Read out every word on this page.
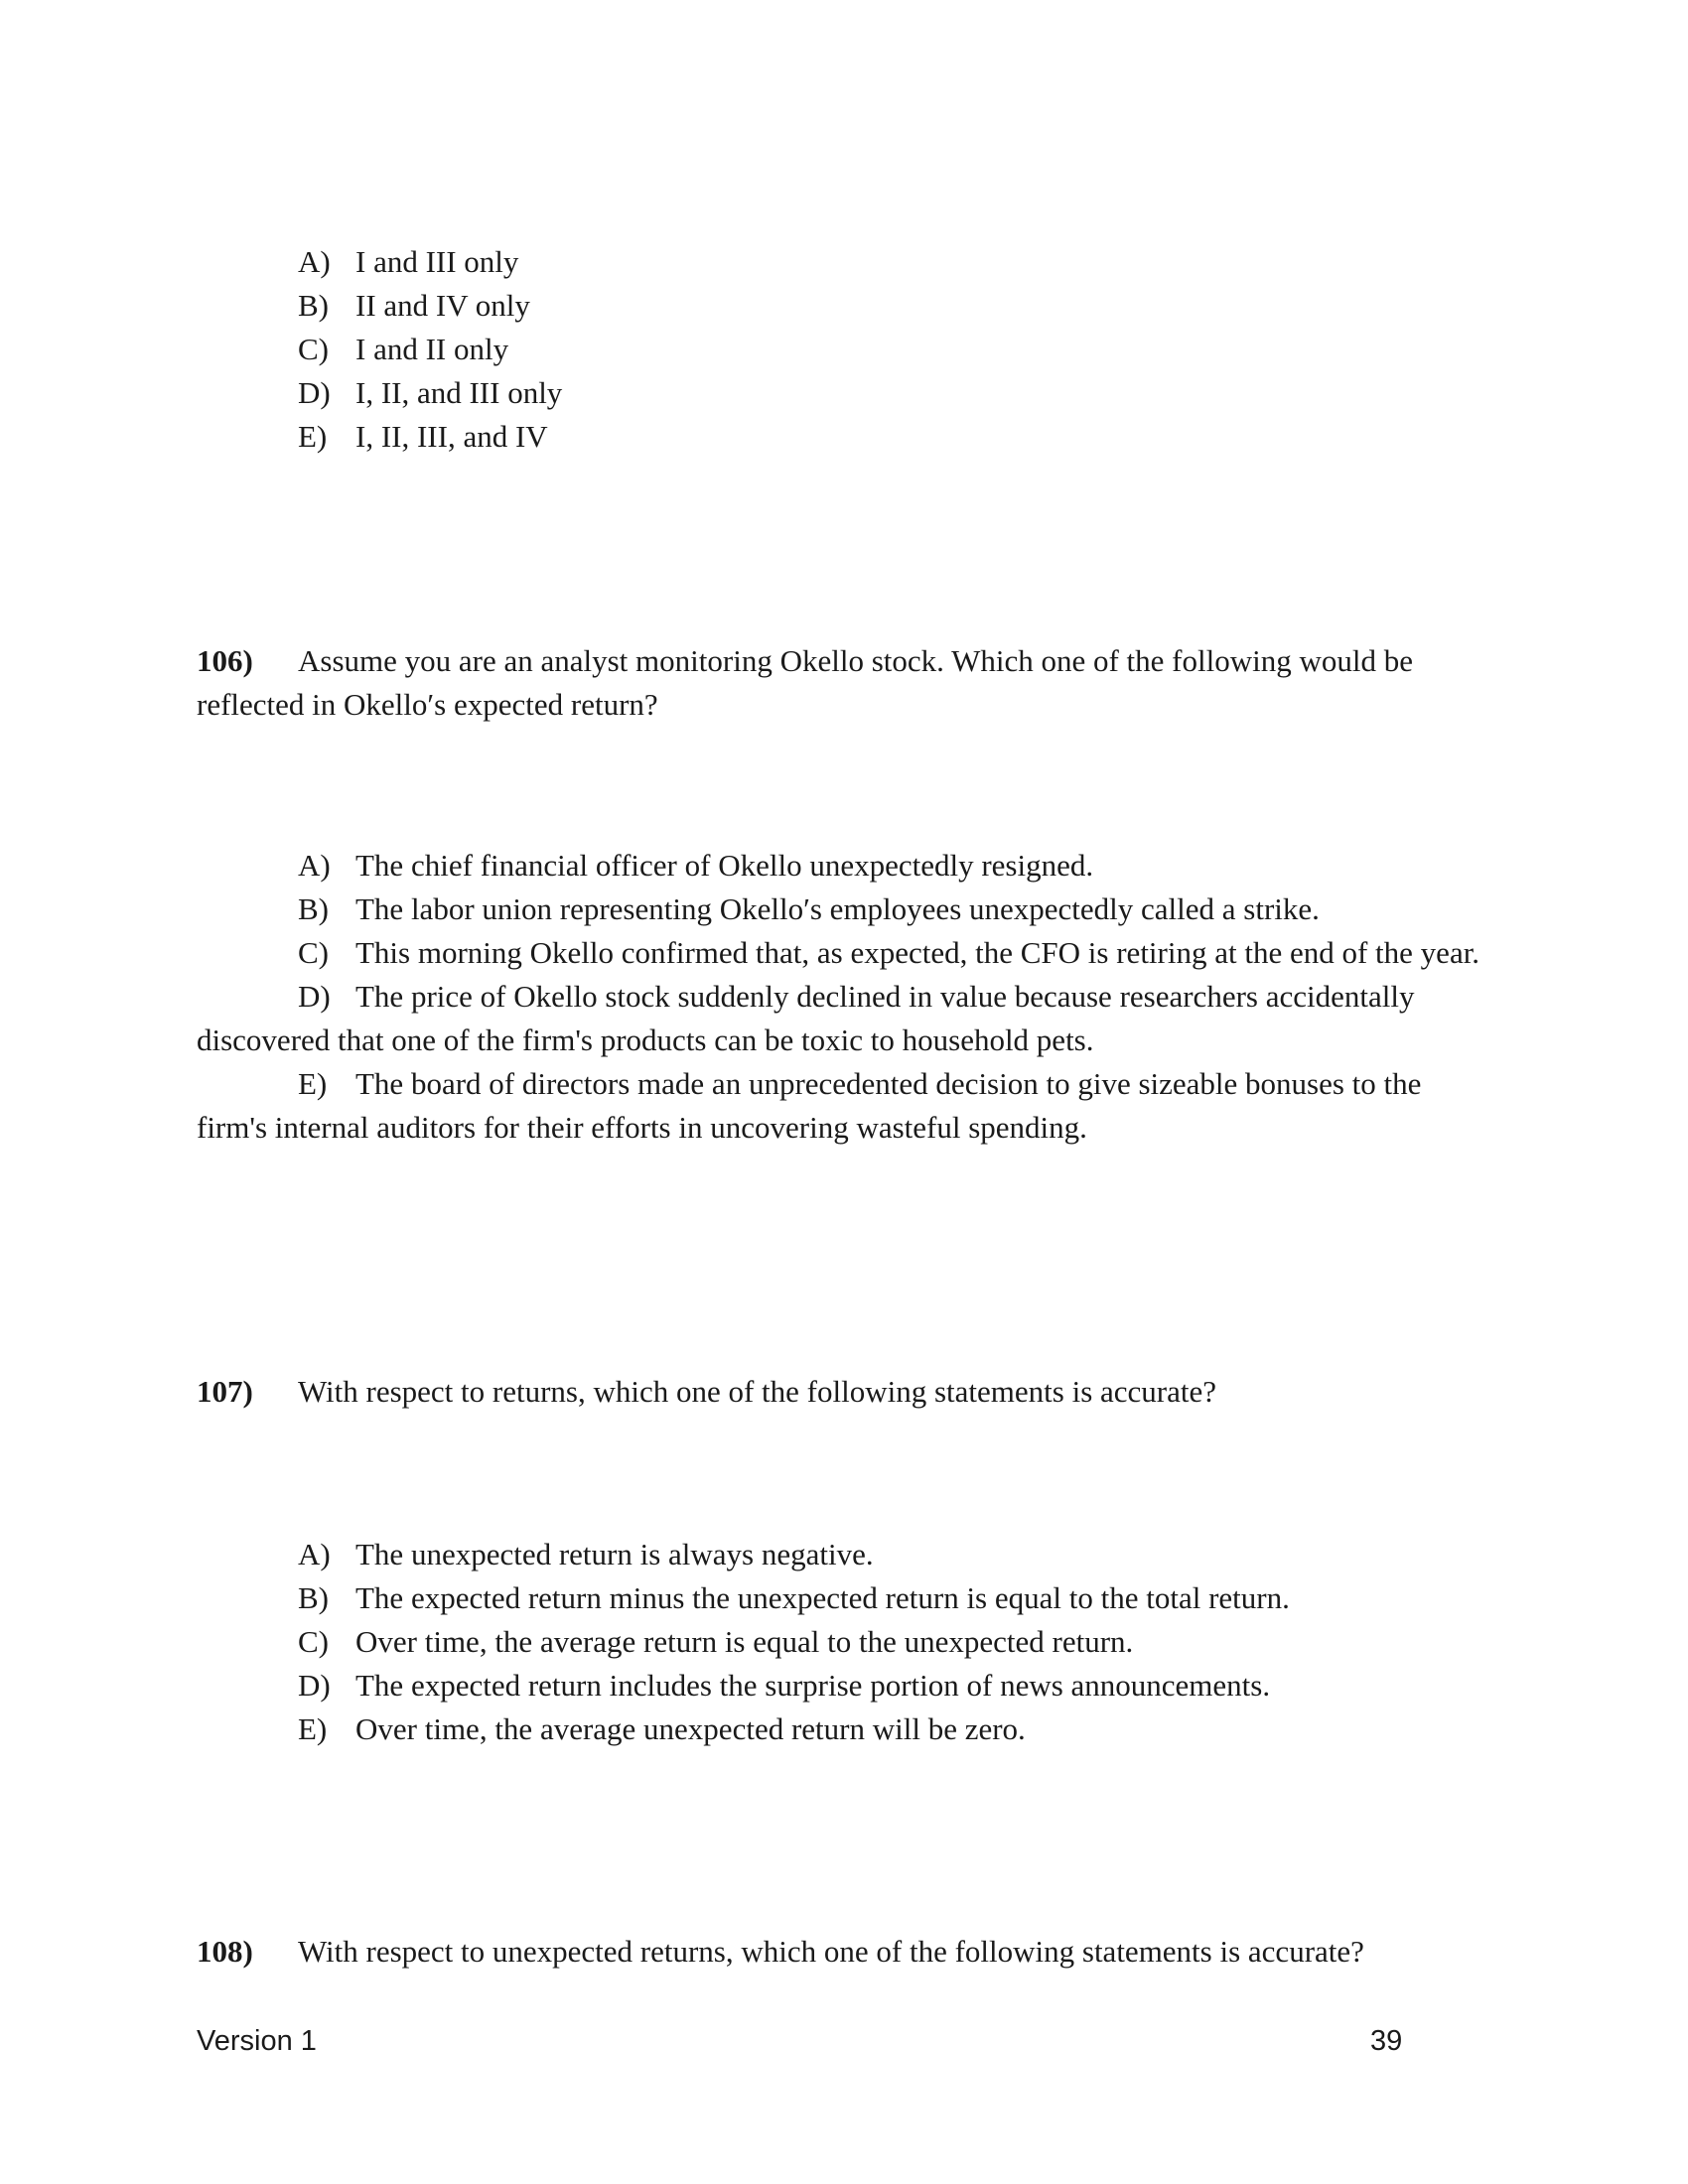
A) I and III only
B) II and IV only
C) I and II only
D) I, II, and III only
E) I, II, III, and IV
106) Assume you are an analyst monitoring Okello stock. Which one of the following would be reflected in Okello′s expected return?

A) The chief financial officer of Okello unexpectedly resigned.

B) The labor union representing Okello′s employees unexpectedly called a strike.

C) This morning Okello confirmed that, as expected, the CFO is retiring at the end of the year.

D) The price of Okello stock suddenly declined in value because researchers accidentally discovered that one of the firm's products can be toxic to household pets.

E) The board of directors made an unprecedented decision to give sizeable bonuses to the firm's internal auditors for their efforts in uncovering wasteful spending.

107) With respect to returns, which one of the following statements is accurate?
A) The unexpected return is always negative.
B) The expected return minus the unexpected return is equal to the total return.
C) Over time, the average return is equal to the unexpected return.
D) The expected return includes the surprise portion of news announcements.
E) Over time, the average unexpected return will be zero.
108) With respect to unexpected returns, which one of the following statements is accurate?
Version 1	39
